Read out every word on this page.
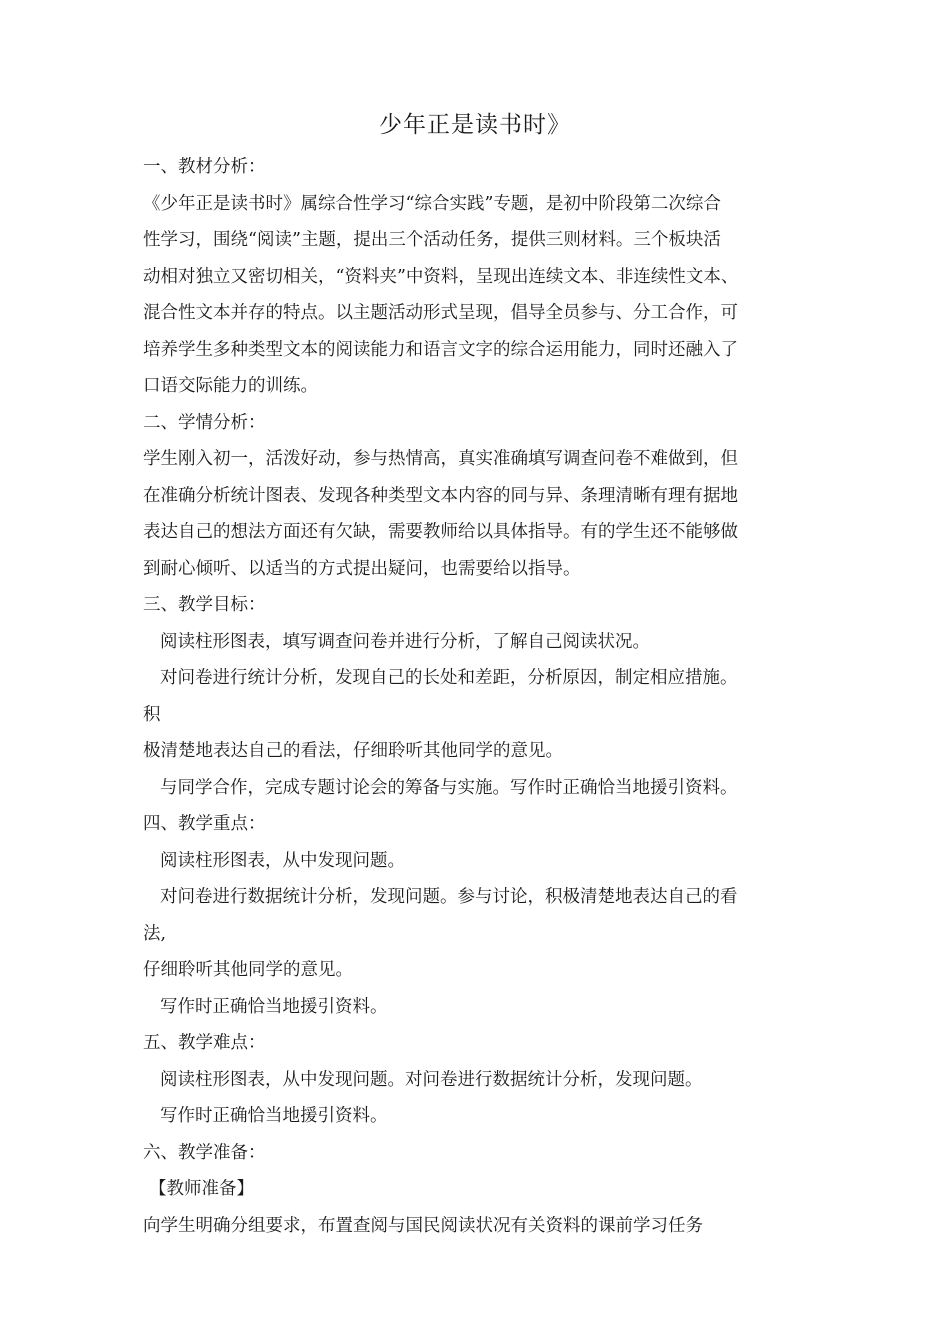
少年正是读书时》
一、教材分析：
《少年正是读书时》属综合性学习“综合实践”专题，是初中阶段第二次综合
性学习，围绕“阅读”主题，提出三个活动任务，提供三则材料。三个板块活
动相对独立又密切相关，“资料夹”中资料，呈现出连续文本、非连续性文本、
混合性文本并存的特点。以主题活动形式呈现，倡导全员参与、分工合作，可
培养学生多种类型文本的阅读能力和语言文字的综合运用能力，同时还融入了
口语交际能力的训练。
二、学情分析：
学生刚入初一，活泼好动，参与热情高，真实准确填写调查问卷不难做到，但
在准确分析统计图表、发现各种类型文本内容的同与异、条理清晰有理有据地
表达自己的想法方面还有欠缺，需要教师给以具体指导。有的学生还不能够做
到耐心倾听、以适当的方式提出疑问，也需要给以指导。
三、教学目标：
阅读柱形图表，填写调查问卷并进行分析，了解自己阅读状况。
对问卷进行统计分析，发现自己的长处和差距，分析原因，制定相应措施。
积
极清楚地表达自己的看法，仔细聆听其他同学的意见。
与同学合作，完成专题讨论会的筹备与实施。写作时正确恰当地援引资料。
四、教学重点：
阅读柱形图表，从中发现问题。
对问卷进行数据统计分析，发现问题。参与讨论，积极清楚地表达自己的看
法,
仔细聆听其他同学的意见。
写作时正确恰当地援引资料。
五、教学难点：
阅读柱形图表，从中发现问题。对问卷进行数据统计分析，发现问题。
写作时正确恰当地援引资料。
六、教学准备：
【教师准备】
向学生明确分组要求，布置查阅与国民阅读状况有关资料的课前学习任务
